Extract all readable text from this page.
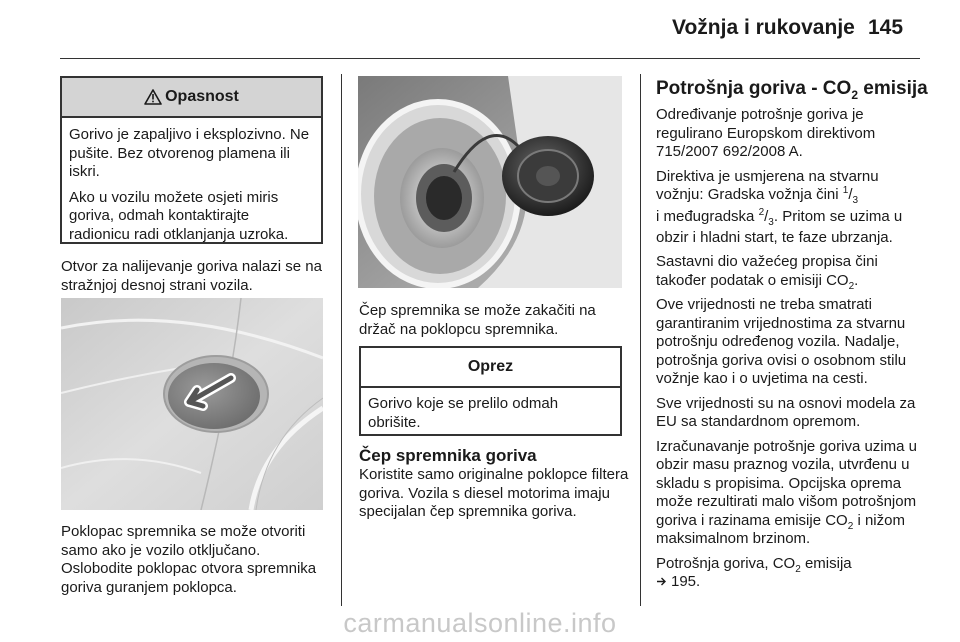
Vožnja i rukovanje 145
Opasnost

Gorivo je zapaljivo i eksplozivno. Ne pušite. Bez otvorenog plamena ili iskri.

Ako u vozilu možete osjeti miris goriva, odmah kontaktirajte radionicu radi otklanjanja uzroka.

Otvor za nalijevanje goriva nalazi se na stražnjoj desnoj strani vozila.

Poklopac spremnika se može otvoriti samo ako je vozilo otključano. Oslobodite poklopac otvora spremnika goriva guranjem poklopca.

Čep spremnika se može zakačiti na držač na poklopcu spremnika.

Oprez

Gorivo koje se prelilo odmah obrišite.

Čep spremnika goriva

Koristite samo originalne poklopce filtera goriva. Vozila s diesel motorima imaju specijalan čep spremnika goriva.

Potrošnja goriva - $CO_2$ emisija

Određivanje potrošnje goriva je regulirano Europskom direktivom 715/2007 692/2008 A.

Direktiva je usmjerena na stvarnu vožnju: Gradska vožnja čini $^1/_3$
i međugradska $^2/_3$. Pritom se uzima u obzir i hladni start, te faze ubrzanja.

Sastavni dio važećeg propisa čini također podatak o emisiji $CO_2$.

Ove vrijednosti ne treba smatrati garantiranim vrijednostima za stvarnu potrošnju određenog vozila. Nadalje, potrošnja goriva ovisi o osobnom stilu vožnje kao i o uvjetima na cesti.

Sve vrijednosti su na osnovi modela za EU sa standardnom opremom.

Izračunavanje potrošnje goriva uzima u obzir masu praznog vozila, utvrđenu u skladu s propisima. Opcijska oprema može rezultirati malo višom potrošnjom goriva i razinama emisije $CO_2$ i nižom maksimalnom brzinom.

Potrošnja goriva, $CO_2$ emisija
195.

carmanualsonline.info
